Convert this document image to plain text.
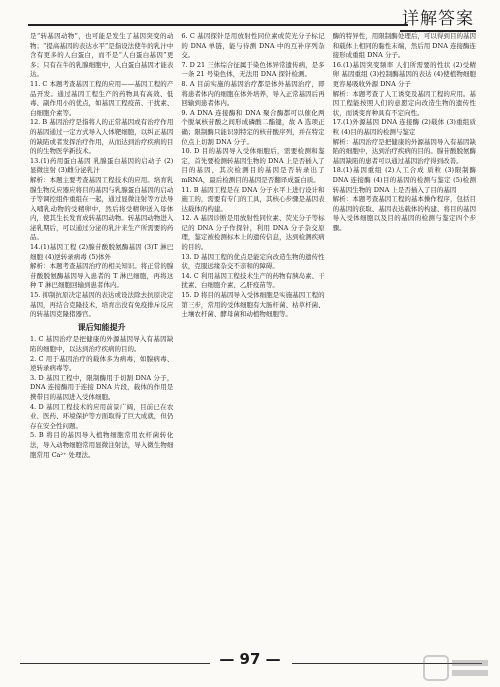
详解答案

是“转基因动物”，也可能是发生了基因突变的动物；“提高基因的表达水平”是指设法使牛的乳汁中含有更多的人白蛋白，而不是“人白蛋白基因”更多；只有在牛的乳腺细胞中，人白蛋白基因才能表达。

11. C 本题考查基因工程的应用——基因工程的产品开发。通过基因工程生产的药物具有高效、低毒、副作用小的优点，如基因工程疫苗、干扰素、白细胞介素等。

12. B 基因治疗是指将人的正常基因或有治疗作用的基因通过一定方式导入人体靶细胞，以纠正基因的缺陷或者发挥治疗作用，从而达到治疗疾病的目的的生物医学新技术。

13.(1)药用蛋白基因 乳腺蛋白基因的启动子 (2)显微注射 (3)雌分泌乳汁

解析：本题主要考查基因工程技术的应用。培育乳腺生物反应器应将目的基因与乳腺蛋白基因的启动子等调控组件重组在一起，通过显微注射等方法导入哺乳动物的受精卵中，然后将受精卵送入母体内，使其生长发育成转基因动物。转基因动物进入泌乳期后，可以通过分泌的乳汁来生产所需要的药品。

14.(1)基因工程 (2)腺苷酸脱氨酶基因 (3)T 淋巴细胞 (4)逆转录病毒 (5)体外

解析：本题考查基因治疗的相关知识。将正常的腺苷酸脱氨酶基因导入患者的 T 淋巴细胞，再将这种 T 淋巴细胞回输到患者体内。

15. 抑制抗原决定基因的表达或设法除去抗原决定基因，再结合克隆技术，培育出没有免疫排斥反应的转基因克隆猪器官。

课后知能提升

1. C 基因治疗是把健康的外源基因导入有基因缺陷的细胞中，以达到治疗疾病的目的。

2. C 用于基因治疗的载体多为病毒，如腺病毒、逆转录病毒等。

3. D 基因工程中，限制酶用于切割 DNA 分子，DNA 连接酶用于连接 DNA 片段，载体的作用是携带目的基因进入受体细胞。

4. D 基因工程技术的应用前景广阔，目前已在农业、医药、环境保护等方面取得了巨大成就，但仍存在安全性问题。

5. B 将目的基因导入植物细胞常用农杆菌转化法，导入动物细胞常用显微注射法，导入微生物细胞常用 Ca²⁺ 处理法。

6. C 基因探针是用放射性同位素或荧光分子标记的 DNA 单链，能与待测 DNA 中的互补序列杂交。

7. D 21 三体综合征属于染色体异常遗传病，是多一条 21 号染色体，无法用 DNA 探针检测。

8. A 目前实施的基因治疗都是体外基因治疗，即将患者体内的细胞在体外培养，导入正常基因后再回输到患者体内。

9. A DNA 连接酶和 DNA 聚合酶都可以催化两个脱氧核苷酸之间形成磷酸二酯键，故 A 选项正确；限制酶只能识别特定的核苷酸序列，并在特定位点上切割 DNA 分子。

10. D 目的基因导入受体细胞后，需要检测和鉴定，首先要检测转基因生物的 DNA 上是否插入了目的基因，其次检测目的基因是否转录出了 mRNA，最后检测目的基因是否翻译成蛋白质。

11. B 基因工程是在 DNA 分子水平上进行设计和施工的，需要有专门的工具，其核心步骤是基因表达载体的构建。

12. A 基因诊断是用放射性同位素、荧光分子等标记的 DNA 分子作探针，利用 DNA 分子杂交原理，鉴定被检测标本上的遗传信息，达到检测疾病的目的。

13. D 基因工程的优点是能定向改造生物的遗传性状，克服远缘杂交不亲和的障碍。

14. C 利用基因工程技术生产的药物有胰岛素、干扰素、白细胞介素、乙肝疫苗等。

15. D 将目的基因导入受体细胞是实施基因工程的第三步，常用的受体细胞有大肠杆菌、枯草杆菌、土壤农杆菌、酵母菌和动植物细胞等。

酶的特异性，用限制酶处理后，可以得到目的基因和载体上相同的黏性末端，然后用 DNA 连接酶连接形成重组 DNA 分子。

16.(1)基因突变频率 人们所需要的性状 (2)受精卵 基因重组 (3)控制酶基因的表达 (4)使植物细胞更容易吸收外源 DNA 分子

解析：本题考查了人工诱变及基因工程的应用。基因工程能按照人们的意愿定向改造生物的遗传性状，而诱变育种具有不定向性。

17.(1)外源基因 DNA 连接酶 (2)载体 (3)重组质粒 (4)目的基因的检测与鉴定

解析：基因治疗是把健康的外源基因导入有基因缺陷的细胞中，达到治疗疾病的目的。腺苷酸脱氨酶基因缺陷的患者可以通过基因治疗得到改善。

18.(1)基因重组 (2)人工合成 质粒 (3)限制酶 DNA 连接酶 (4)目的基因的检测与鉴定 (5)检测转基因生物的 DNA 上是否插入了目的基因

解析：本题考查基因工程的基本操作程序，包括目的基因的获取、基因表达载体的构建、将目的基因导入受体细胞以及目的基因的检测与鉴定四个步骤。

— 97 —
